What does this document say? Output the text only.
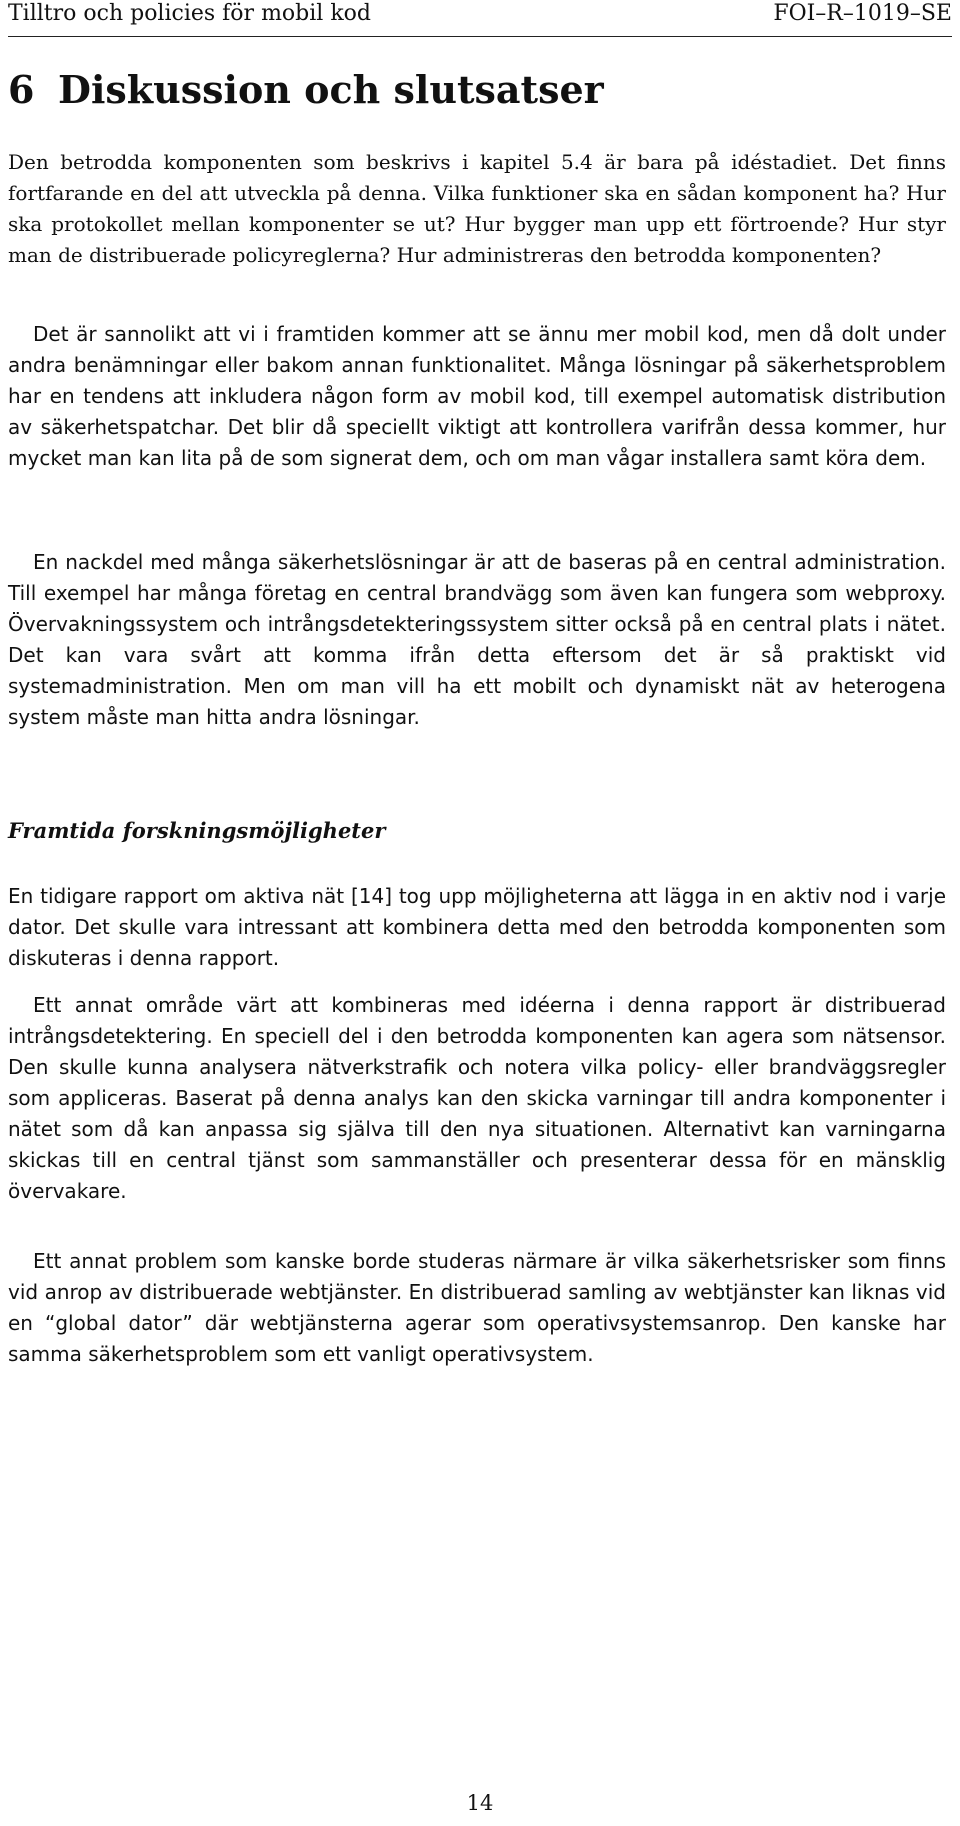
Tilltro och policies för mobil kod	FOI–R–1019–SE
6 Diskussion och slutsatser

Den betrodda komponenten som beskrivs i kapitel 5.4 är bara på idéstadiet. Det finns fortfarande en del att utveckla på denna. Vilka funktioner ska en sådan komponent ha? Hur ska protokollet mellan komponenter se ut? Hur bygger man upp ett förtroende? Hur styr man de distribuerade policyreglerna? Hur administreras den betrodda komponenten?

Det är sannolikt att vi i framtiden kommer att se ännu mer mobil kod, men då dolt under andra benämningar eller bakom annan funktionalitet. Många lösningar på säkerhetsproblem har en tendens att inkludera någon form av mobil kod, till exempel automatisk distribution av säkerhetspatchar. Det blir då speciellt viktigt att kontrollera varifrån dessa kommer, hur mycket man kan lita på de som signerat dem, och om man vågar installera samt köra dem.

En nackdel med många säkerhetslösningar är att de baseras på en central administration. Till exempel har många företag en central brandvägg som även kan fungera som webproxy. Övervakningssystem och intrångsdetekteringssystem sitter också på en central plats i nätet. Det kan vara svårt att komma ifrån detta eftersom det är så praktiskt vid systemadministration. Men om man vill ha ett mobilt och dynamiskt nät av heterogena system måste man hitta andra lösningar.

Framtida forskningsmöjligheter

En tidigare rapport om aktiva nät [14] tog upp möjligheterna att lägga in en aktiv nod i varje dator. Det skulle vara intressant att kombinera detta med den betrodda komponenten som diskuteras i denna rapport.

Ett annat område värt att kombineras med idéerna i denna rapport är distribuerad intrångsdetektering. En speciell del i den betrodda komponenten kan agera som nätsensor. Den skulle kunna analysera nätverkstrafik och notera vilka policy- eller brandväggsregler som appliceras. Baserat på denna analys kan den skicka varningar till andra komponenter i nätet som då kan anpassa sig själva till den nya situationen. Alternativt kan varningarna skickas till en central tjänst som sammanställer och presenterar dessa för en mänsklig övervakare.

Ett annat problem som kanske borde studeras närmare är vilka säkerhetsrisker som finns vid anrop av distribuerade webtjänster. En distribuerad samling av webtjänster kan liknas vid en “global dator” där webtjänsterna agerar som operativsystemsanrop. Den kanske har samma säkerhetsproblem som ett vanligt operativsystem.

14
